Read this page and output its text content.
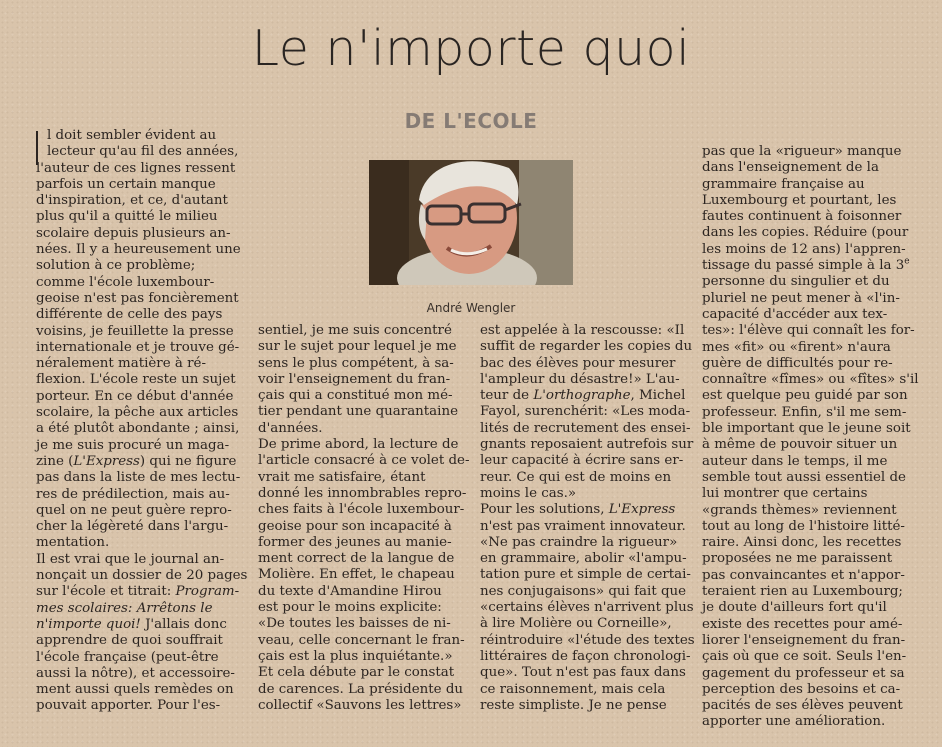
Le n'importe quoi
DE L'ECOLE
André Wengler
l doit sembler évident au
lecteur qu'au fil des années,
l'auteur de ces lignes ressent
parfois un certain manque
d'inspiration, et ce, d'autant
plus qu'il a quitté le milieu
scolaire depuis plusieurs an-
nées. Il y a heureusement une
solution à ce problème;
comme l'école luxembour-
geoise n'est pas foncièrement
différente de celle des pays
voisins, je feuillette la presse
internationale et je trouve gé-
néralement matière à ré-
flexion. L'école reste un sujet
porteur. En ce début d'année
scolaire, la pêche aux articles
a été plutôt abondante ; ainsi,
je me suis procuré un maga-
zine (L'Express) qui ne figure
pas dans la liste de mes lectu-
res de prédilection, mais au-
quel on ne peut guère repro-
cher la légèreté dans l'argu-
mentation.
Il est vrai que le journal an-
nonçait un dossier de 20 pages
sur l'école et titrait: Program-
mes scolaires: Arrêtons le
n'importe quoi! J'allais donc
apprendre de quoi souffrait
l'école française (peut-être
aussi la nôtre), et accessoire-
ment aussi quels remèdes on
pouvait apporter. Pour l'es-
sentiel, je me suis concentré
sur le sujet pour lequel je me
sens le plus compétent, à sa-
voir l'enseignement du fran-
çais qui a constitué mon mé-
tier pendant une quarantaine
d'années.
De prime abord, la lecture de
l'article consacré à ce volet de-
vrait me satisfaire, étant
donné les innombrables repro-
ches faits à l'école luxembour-
geoise pour son incapacité à
former des jeunes au manie-
ment correct de la langue de
Molière. En effet, le chapeau
du texte d'Amandine Hirou
est pour le moins explicite:
«De toutes les baisses de ni-
veau, celle concernant le fran-
çais est la plus inquiétante.»
Et cela débute par le constat
de carences. La présidente du
collectif «Sauvons les lettres»
est appelée à la rescousse: «Il
suffit de regarder les copies du
bac des élèves pour mesurer
l'ampleur du désastre!» L'au-
teur de L'orthographe, Michel
Fayol, surenchérit: «Les moda-
lités de recrutement des ensei-
gnants reposaient autrefois sur
leur capacité à écrire sans er-
reur. Ce qui est de moins en
moins le cas.»
Pour les solutions, L'Express
n'est pas vraiment innovateur.
«Ne pas craindre la rigueur»
en grammaire, abolir «l'ampu-
tation pure et simple de certai-
nes conjugaisons» qui fait que
«certains élèves n'arrivent plus
à lire Molière ou Corneille»,
réintroduire «l'étude des textes
littéraires de façon chronologi-
que». Tout n'est pas faux dans
ce raisonnement, mais cela
reste simpliste. Je ne pense
pas que la «rigueur» manque
dans l'enseignement de la
grammaire française au
Luxembourg et pourtant, les
fautes continuent à foisonner
dans les copies. Réduire (pour
les moins de 12 ans) l'appren-
tissage du passé simple à la 3e
personne du singulier et du
pluriel ne peut mener à «l'in-
capacité d'accéder aux tex-
tes»: l'élève qui connaît les for-
mes «fit» ou «firent» n'aura
guère de difficultés pour re-
connaître «fîmes» ou «fîtes» s'il
est quelque peu guidé par son
professeur. Enfin, s'il me sem-
ble important que le jeune soit
à même de pouvoir situer un
auteur dans le temps, il me
semble tout aussi essentiel de
lui montrer que certains
«grands thèmes» reviennent
tout au long de l'histoire litté-
raire. Ainsi donc, les recettes
proposées ne me paraissent
pas convaincantes et n'appor-
teraient rien au Luxembourg;
je doute d'ailleurs fort qu'il
existe des recettes pour amé-
liorer l'enseignement du fran-
çais où que ce soit. Seuls l'en-
gagement du professeur et sa
perception des besoins et ca-
pacités de ses élèves peuvent
apporter une amélioration.
